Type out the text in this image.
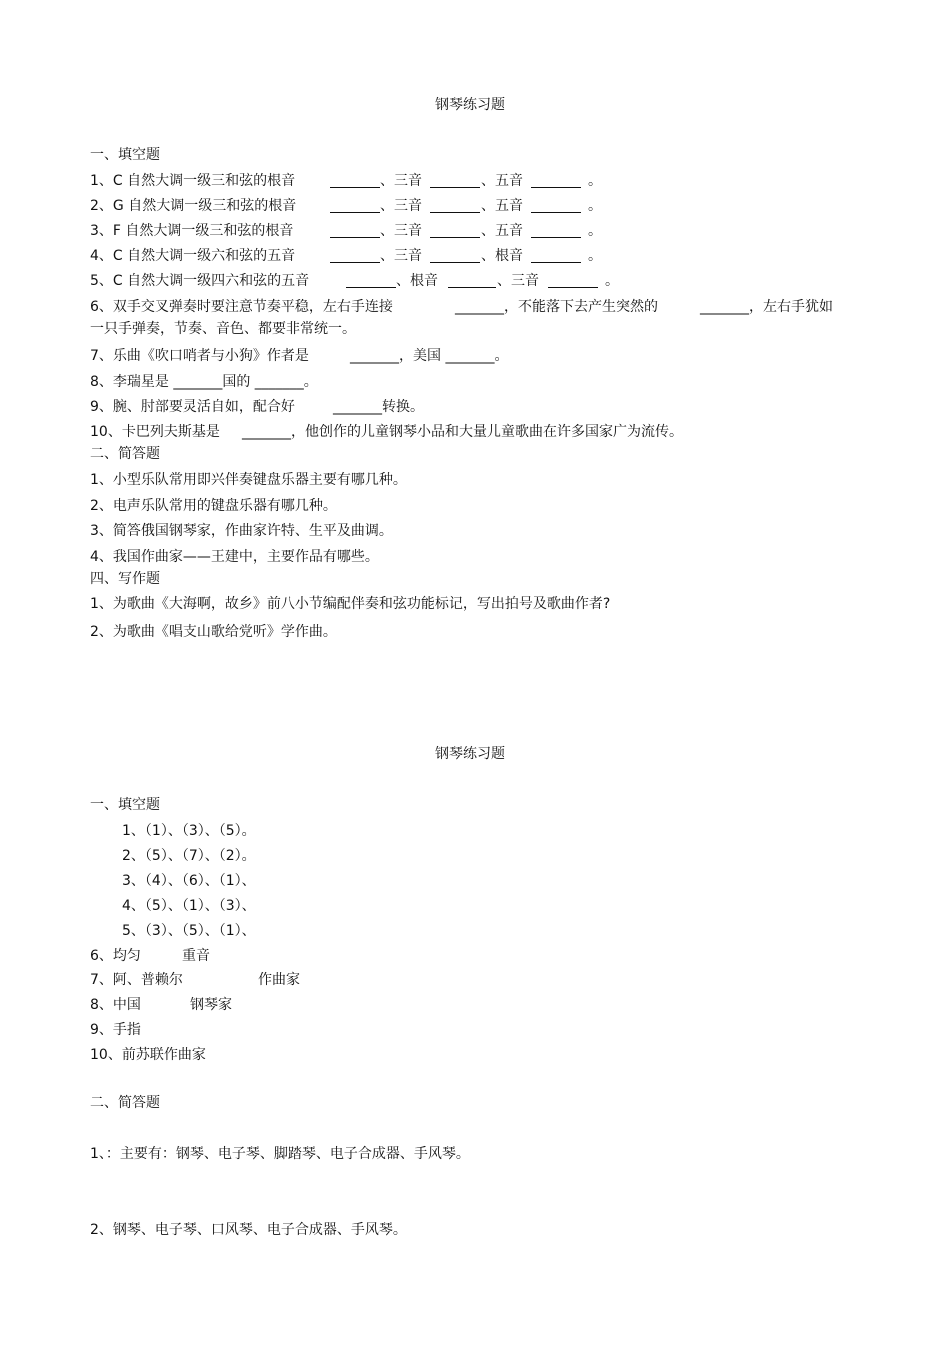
钢琴练习题
一、填空题
1、C 自然大调一级三和弦的根音	、三音	、五音	。
2、G 自然大调一级三和弦的根音	、三音	、五音	。
3、F 自然大调一级三和弦的根音	、三音	、五音	。
4、C 自然大调一级六和弦的五音	、三音	、根音	。
5、C 自然大调一级四六和弦的五音	、根音	、三音	。
6、双手交叉弹奏时要注意节奏平稳，左右手连接	_______，不能落下去产生突然的	_______，左右手犹如
一只手弹奏，节奏、音色、都要非常统一。
7、乐曲《吹口哨者与小狗》作者是	_______，美国 _______。
8、李瑞星是 _______国的 _______。
9、腕、肘部要灵活自如，配合好	_______转换。
10、卡巴列夫斯基是 _______，他创作的儿童钢琴小品和大量儿童歌曲在许多国家广为流传。
二、简答题
1、小型乐队常用即兴伴奏键盘乐器主要有哪几种。
2、电声乐队常用的键盘乐器有哪几种。
3、简答俄国钢琴家，作曲家许特、生平及曲调。
4、我国作曲家——王建中，主要作品有哪些。
四、写作题
1、为歌曲《大海啊，故乡》前八小节编配伴奏和弦功能标记，写出拍号及歌曲作者?
2、为歌曲《唱支山歌给党听》学作曲。
钢琴练习题
一、填空题
1、（1）、（3）、（5）。
2、（5）、（7）、（2）。
3、（4）、（6）、（1）、
4、（5）、（1）、（3）、
5、（3）、（5）、（1）、
6、均匀	重音
7、阿、普赖尔	作曲家
8、中国	钢琴家
9、手指
10、前苏联作曲家
二、简答题
1、：主要有：钢琴、电子琴、脚踏琴、电子合成器、手风琴。
2、钢琴、电子琴、口风琴、电子合成器、手风琴。
